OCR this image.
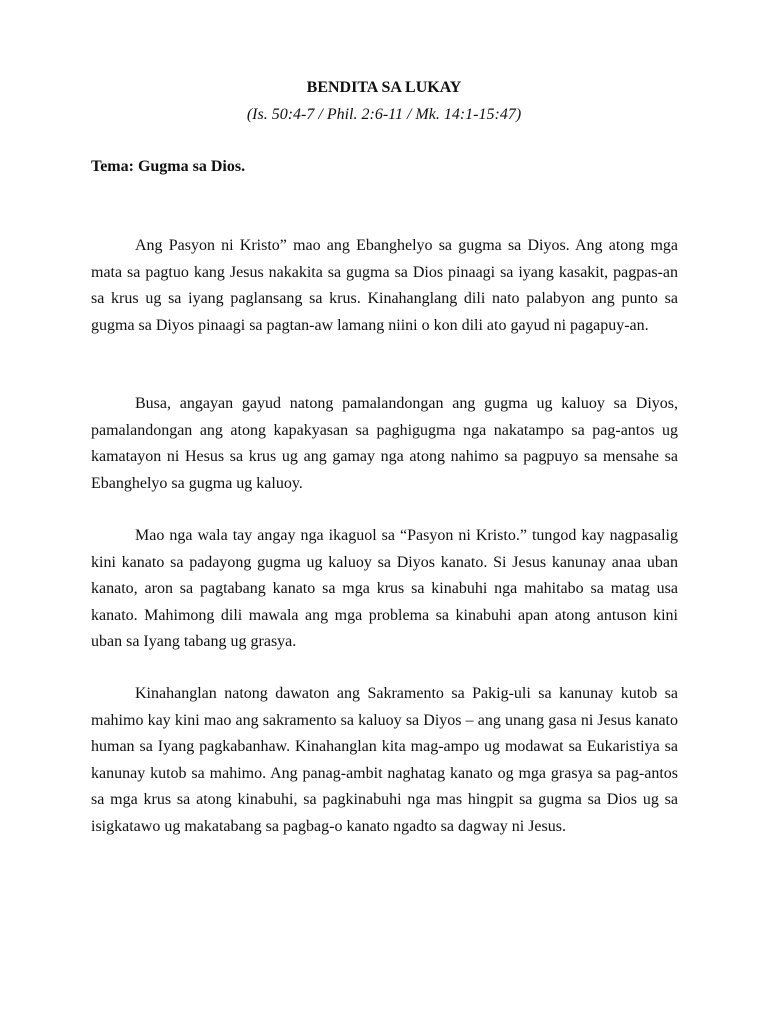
BENDITA SA LUKAY
(Is. 50:4-7 / Phil. 2:6-11 / Mk. 14:1-15:47)
Tema: Gugma sa Dios.

Ang Pasyon ni Kristo” mao ang Ebanghelyo sa gugma sa Diyos. Ang atong mga mata sa pagtuo kang Jesus nakakita sa gugma sa Dios pinaagi sa iyang kasakit, pagpas-an sa krus ug sa iyang paglansang sa krus. Kinahanglang dili nato palabyon ang punto sa gugma sa Diyos pinaagi sa pagtan-aw lamang niini o kon dili ato gayud ni pagapuy-an.

Busa, angayan gayud natong pamalandongan ang gugma ug kaluoy sa Diyos, pamalandongan ang atong kapakyasan sa paghigugma nga nakatampo sa pag-antos ug kamatayon ni Hesus sa krus ug ang gamay nga atong nahimo sa pagpuyo sa mensahe sa Ebanghelyo sa gugma ug kaluoy.

Mao nga wala tay angay nga ikaguol sa “Pasyon ni Kristo.” tungod kay nagpasalig kini kanato sa padayong gugma ug kaluoy sa Diyos kanato. Si Jesus kanunay anaa uban kanato, aron sa pagtabang kanato sa mga krus sa kinabuhi nga mahitabo sa matag usa kanato. Mahimong dili mawala ang mga problema sa kinabuhi apan atong antuson kini uban sa Iyang tabang ug grasya.

Kinahanglan natong dawaton ang Sakramento sa Pakig-uli sa kanunay kutob sa mahimo kay kini mao ang sakramento sa kaluoy sa Diyos – ang unang gasa ni Jesus kanato human sa Iyang pagkabanhaw. Kinahanglan kita mag-ampo ug modawat sa Eukaristiya sa kanunay kutob sa mahimo. Ang panag-ambit naghatag kanato og mga grasya sa pag-antos sa mga krus sa atong kinabuhi, sa pagkinabuhi nga mas hingpit sa gugma sa Dios ug sa isigkatawo ug makatabang sa pagbag-o kanato ngadto sa dagway ni Jesus.
